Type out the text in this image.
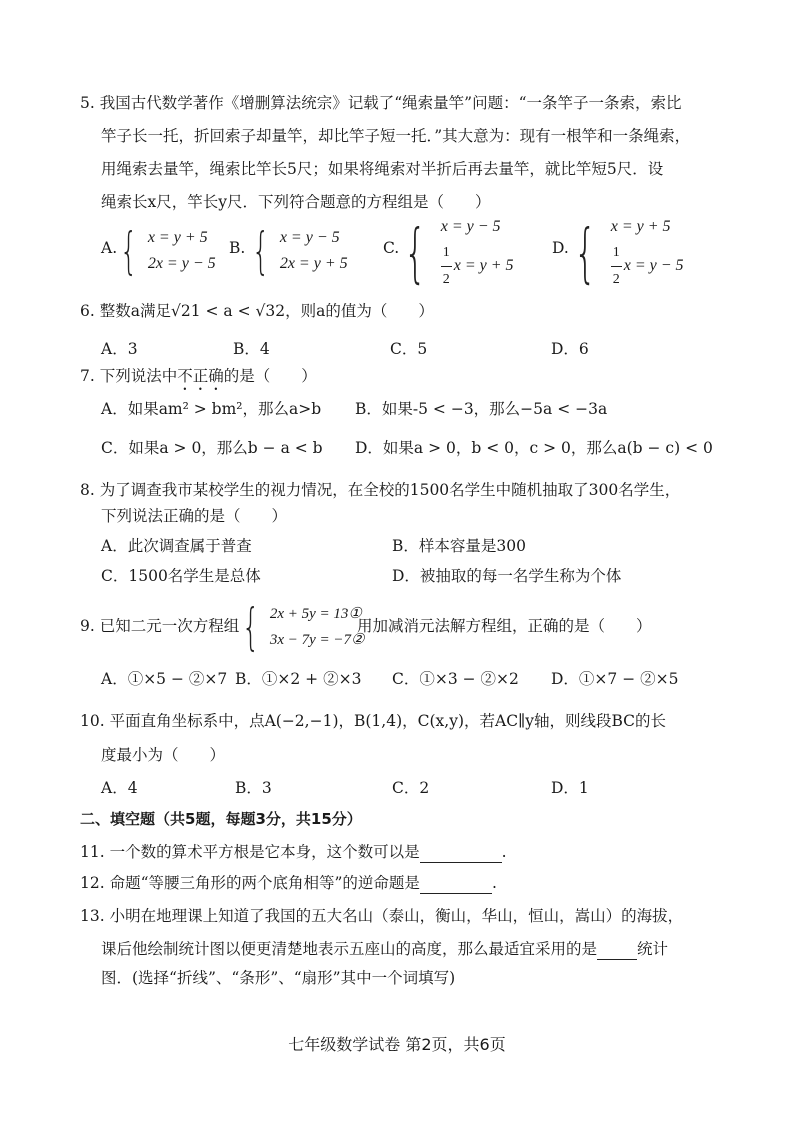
5. 我国古代数学著作《增删算法统宗》记载了“绳索量竿”问题：“一条竿子一条索，索比
竿子长一托，折回索子却量竿，却比竿子短一托．”其大意为：现有一根竿和一条绳索，
用绳索去量竿，绳索比竿长5尺；如果将绳索对半折后再去量竿，就比竿短5尺．设
绳索长x尺，竿长y尺．下列符合题意的方程组是（　　）
A. { x = y + 5
2x = y − 5
B. { x = y − 5
2x = y + 5
C. { x = y − 5
$\frac{1}{2}$ x = y + 5
D. { x = y + 5
$\frac{1}{2}$ x = y − 5
6. 整数a满足√21 < a < √32，则a的值为（　　）
A．3	B．4	C．5	D．6
7. 下列说法中不正确的是（　　）
A．如果am² > bm²，那么a>b B．如果-5 < −3，那么−5a < −3a
C．如果a > 0，那么b − a < b D．如果a > 0，b < 0，c > 0，那么a(b − c) < 0
8. 为了调查我市某校学生的视力情况，在全校的1500名学生中随机抽取了300名学生，
下列说法正确的是（　　）
A．此次调查属于普查	B．样本容量是300
C．1500名学生是总体	D．被抽取的每一名学生称为个体
9. 已知二元一次方程组 { 2x + 5y = 13①
3x − 7y = −7②
用加减消元法解方程组，正确的是（　　）
A．①×5 − ②×7 B．①×2 + ②×3 C．①×3 − ②×2 D．①×7 − ②×5
10. 平面直角坐标系中，点A(−2,−1)，B(1,4)，C(x,y)，若AC∥y轴，则线段BC的长
度最小为（　　）
A．4	B．3	C．2	D．1
二、填空题（共5题，每题3分，共15分）
11. 一个数的算术平方根是它本身，这个数可以是	.
12. 命题“等腰三角形的两个底角相等”的逆命题是	.
13. 小明在地理课上知道了我国的五大名山（泰山，衡山，华山，恒山，嵩山）的海拔，
课后他绘制统计图以便更清楚地表示五座山的高度，那么最适宜采用的是	统计
图．(选择“折线”、“条形”、“扇形”其中一个词填写)
七年级数学试卷 第2页，共6页
